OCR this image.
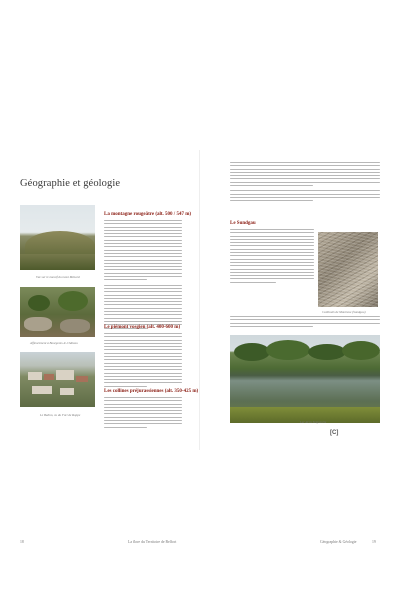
Géographie et géologie
Vue sur le massif du mont Ménard
Affleurement à Bourgeois-le-Château
Le Ballon, vu du Fort de Roppe
La montagne rougeâtre (alt. 500 / 547 m)
Le piémont vosgien (alt. 400-600 m)
Les collines préjurassiennes (alt. 350-425 m)
18	La flore du Territoire de Belfort
Le Sundgau
Cailloutis de Montreux (Sundgau)
Lac de la Seigneurie
[C]
Géographie & Géologie	19
